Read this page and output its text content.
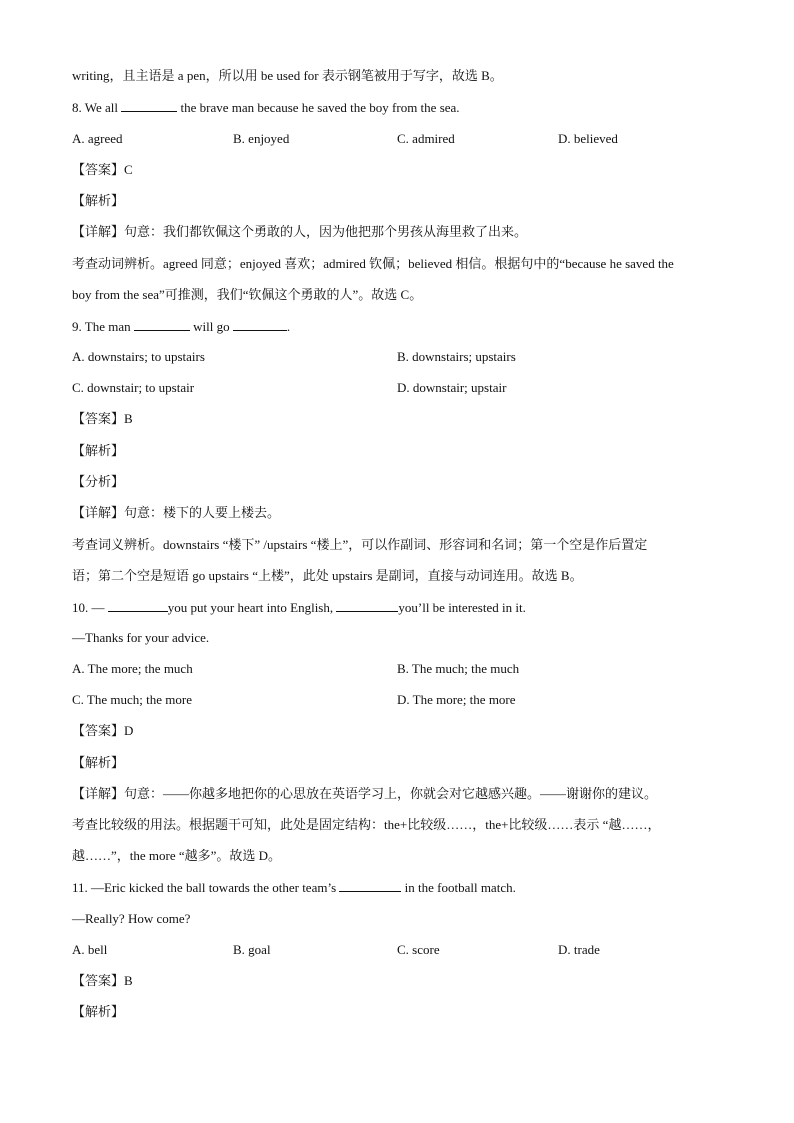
writing，且主语是 a pen，所以用 be used for 表示钢笔被用于写字，故选 B。
8. We all	the brave man because he saved the boy from the sea.
A. agreed	B. enjoyed	C. admired	D. believed
【答案】C
【解析】
【详解】句意：我们都钦佩这个勇敢的人，因为他把那个男孩从海里救了出来。
考查动词辨析。agreed 同意；enjoyed 喜欢；admired 钦佩；believed 相信。根据句中的“because he saved the
boy from the sea”可推测，我们“钦佩这个勇敢的人”。故选 C。
9. The man	will go	.
A. downstairs; to upstairs	B. downstairs; upstairs
C. downstair; to upstair	D. downstair; upstair
【答案】B
【解析】
【分析】
【详解】句意：楼下的人要上楼去。
考查词义辨析。downstairs “楼下” /upstairs “楼上”，可以作副词、形容词和名词；第一个空是作后置定
语；第二个空是短语 go upstairs “上楼”，此处 upstairs 是副词，直接与动词连用。故选 B。
10. —	you put your heart into English,	you’ll be interested in it.
—Thanks for your advice.
A. The more; the much	B. The much; the much
C. The much; the more	D. The more; the more
【答案】D
【解析】
【详解】句意：——你越多地把你的心思放在英语学习上，你就会对它越感兴趣。——谢谢你的建议。
考查比较级的用法。根据题干可知，此处是固定结构：the+比较级……，the+比较级……表示 “越……，
越……”，the more “越多”。故选 D。
11. —Eric kicked the ball towards the other team’s	in the football match.
—Really? How come?
A. bell	B. goal	C. score	D. trade
【答案】B
【解析】
